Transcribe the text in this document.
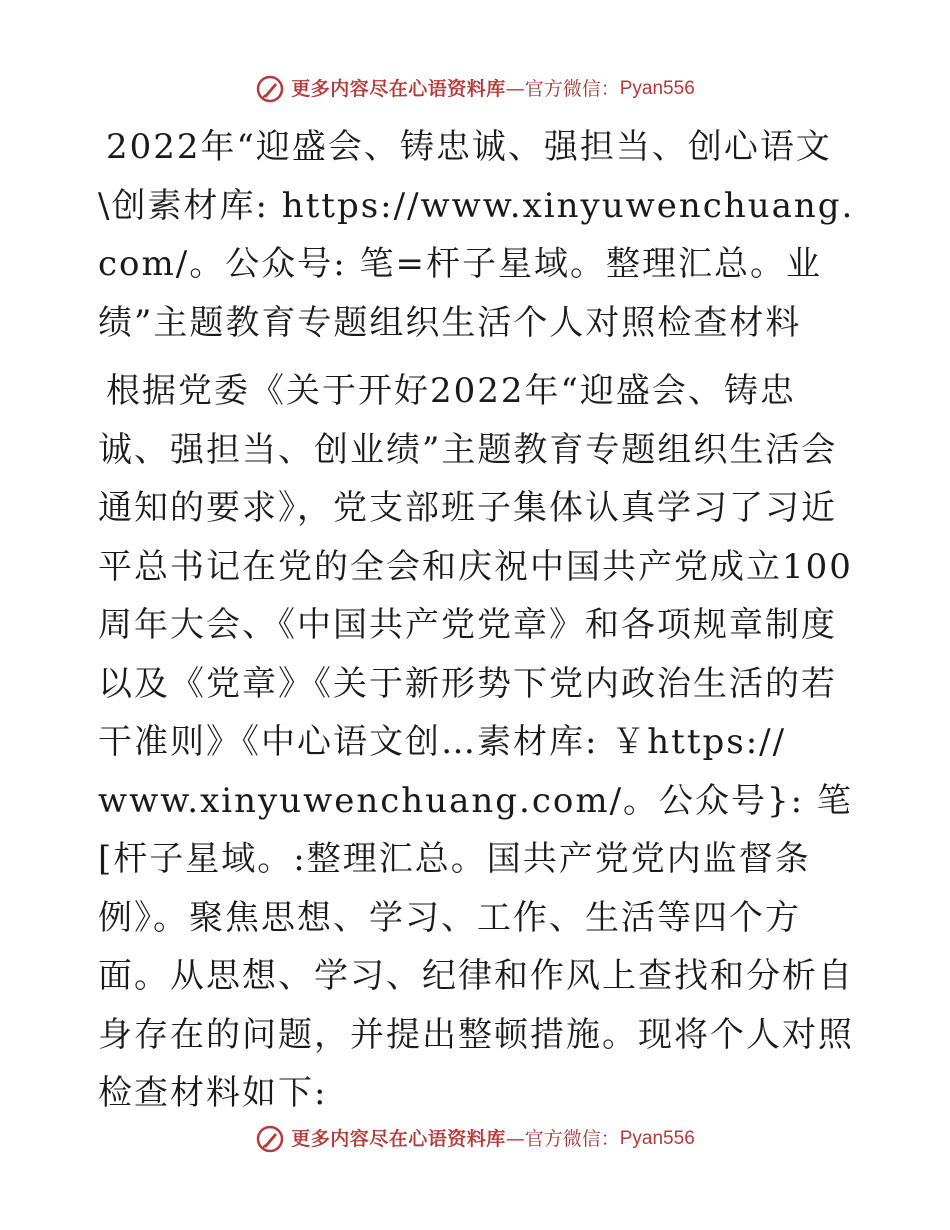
更多内容尽在心语资料库 — 官方微信： Pyan556

2022年“迎盛会、铸忠诚、强担当、创心语文\创素材库: https://www.xinyuwenchuang.com/。公众号: 笔=杆子星域。整理汇总。业绩”主题教育专题组织生活个人对照检查材料

根据党委《关于开好2022年“迎盛会、铸忠诚、强担当、创业绩”主题教育专题组织生活会通知的要求》，党支部班子集体认真学习了习近平总书记在党的全会和庆祝中国共产党成立100周年大会、《中国共产党党章》和各项规章制度以及《党章》《关于新形势下党内政治生活的若干准则》《中心语文创…素材库: ￥https://
www.xinyuwenchuang.com/。公众号}: 笔[杆子星域。:整理汇总。国共产党党内监督条例》。聚焦思想、学习、工作、生活等四个方面。从思想、学习、纪律和作风上查找和分析自身存在的问题，并提出整顿措施。现将个人对照检查材料如下:

更多内容尽在心语资料库 — 官方微信： Pyan556
